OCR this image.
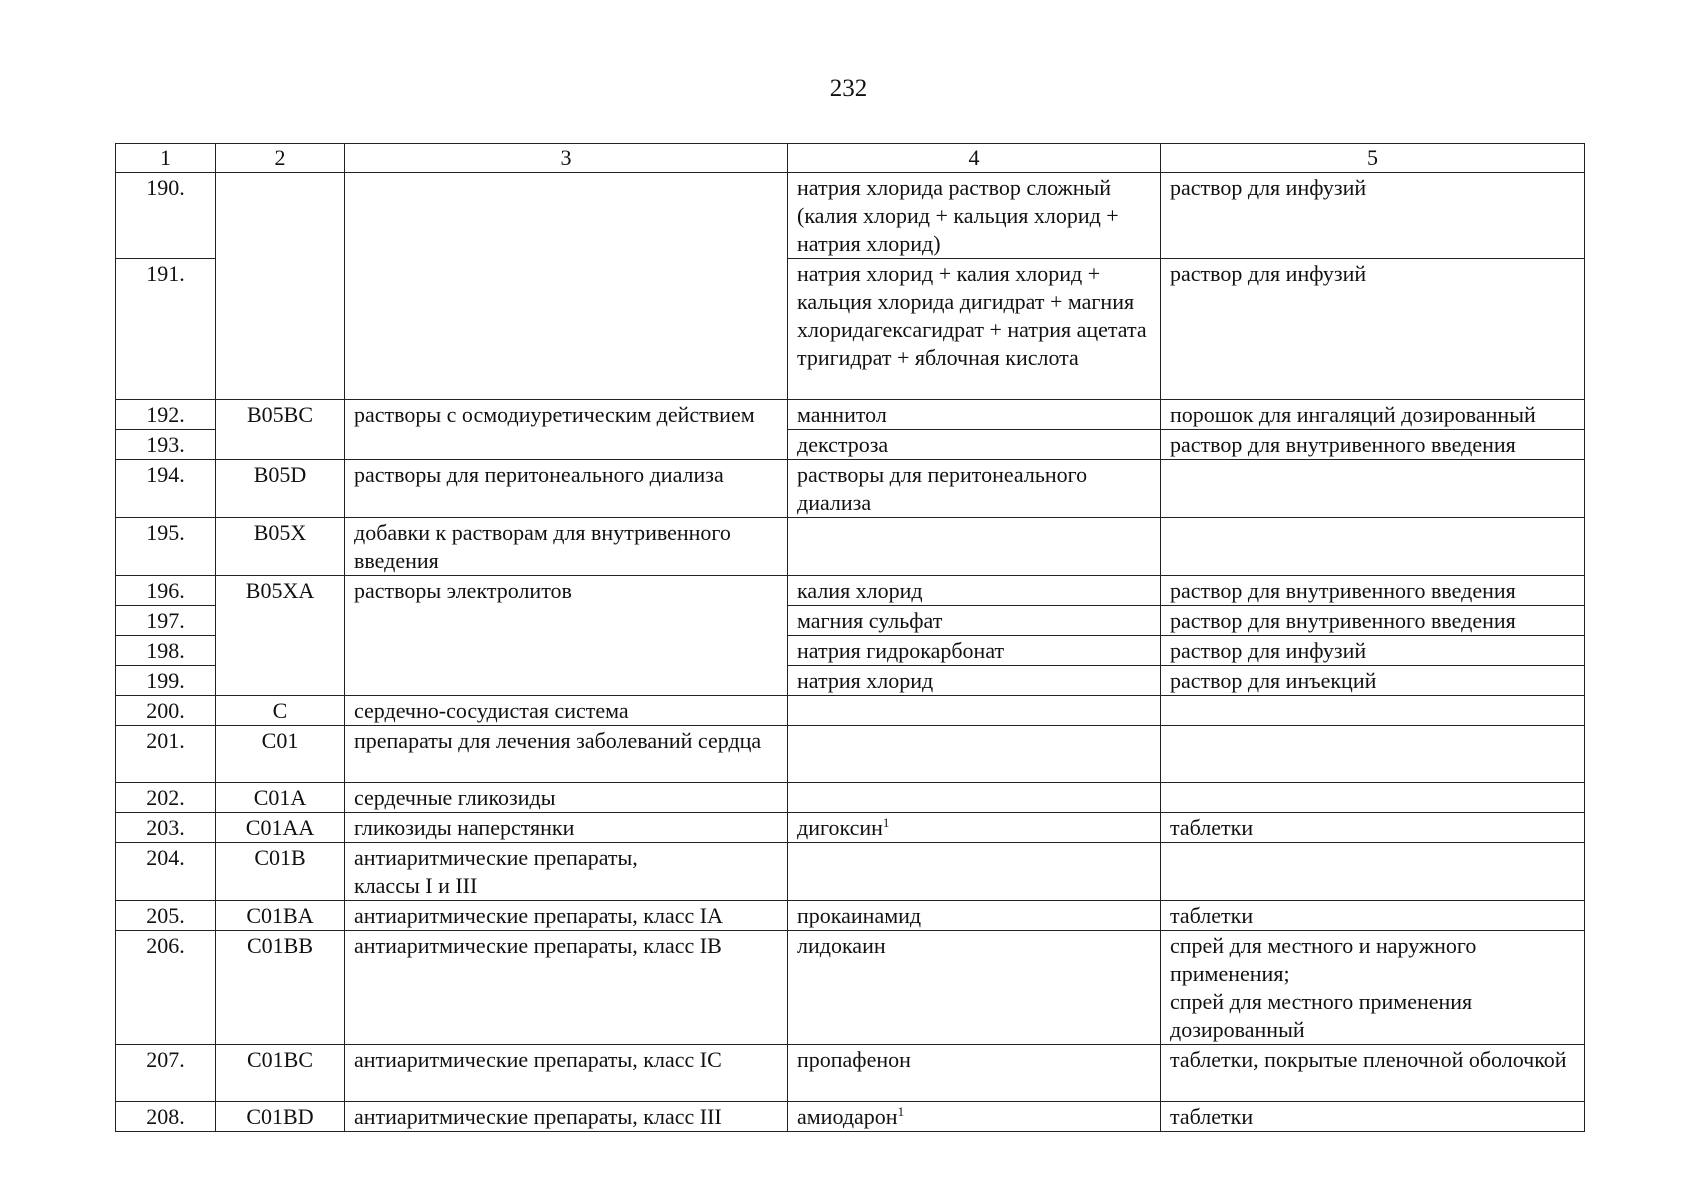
232
1	2	3	4	5
190.			натрия хлорида раствор сложный (калия хлорид + кальция хлорид + натрия хлорид)	раствор для инфузий
191.			натрия хлорид + калия хлорид + кальция хлорида дигидрат + магния хлоридагексагидрат + натрия ацетата тригидрат + яблочная кислота	раствор для инфузий
192.	B05BC	растворы с осмодиуретическим действием	маннитол	порошок для ингаляций дозированный
193.			декстроза	раствор для внутривенного введения
194.	B05D	растворы для перитонеального диализа	растворы для перитонеального диализа	
195.	B05X	добавки к растворам для внутривенного введения		
196.	B05XA	растворы электролитов	калия хлорид	раствор для внутривенного введения
197.			магния сульфат	раствор для внутривенного введения
198.			натрия гидрокарбонат	раствор для инфузий
199.			натрия хлорид	раствор для инъекций
200.	C	сердечно-сосудистая система		
201.	C01	препараты для лечения заболеваний сердца		
202.	C01A	сердечные гликозиды		
203.	C01AA	гликозиды наперстянки	дигоксин$^1$	таблетки
204.	C01B	антиаритмические препараты,
классы I и III		
205.	C01BA	антиаритмические препараты, класс IA	прокаинамид	таблетки
206.	C01BB	антиаритмические препараты, класс IB	лидокаин	спрей для местного и наружного применения;
спрей для местного применения дозированный
207.	C01BC	антиаритмические препараты, класс IC	пропафенон	таблетки, покрытые пленочной оболочкой
208.	C01BD	антиаритмические препараты, класс III	амиодарон$^1$	таблетки
